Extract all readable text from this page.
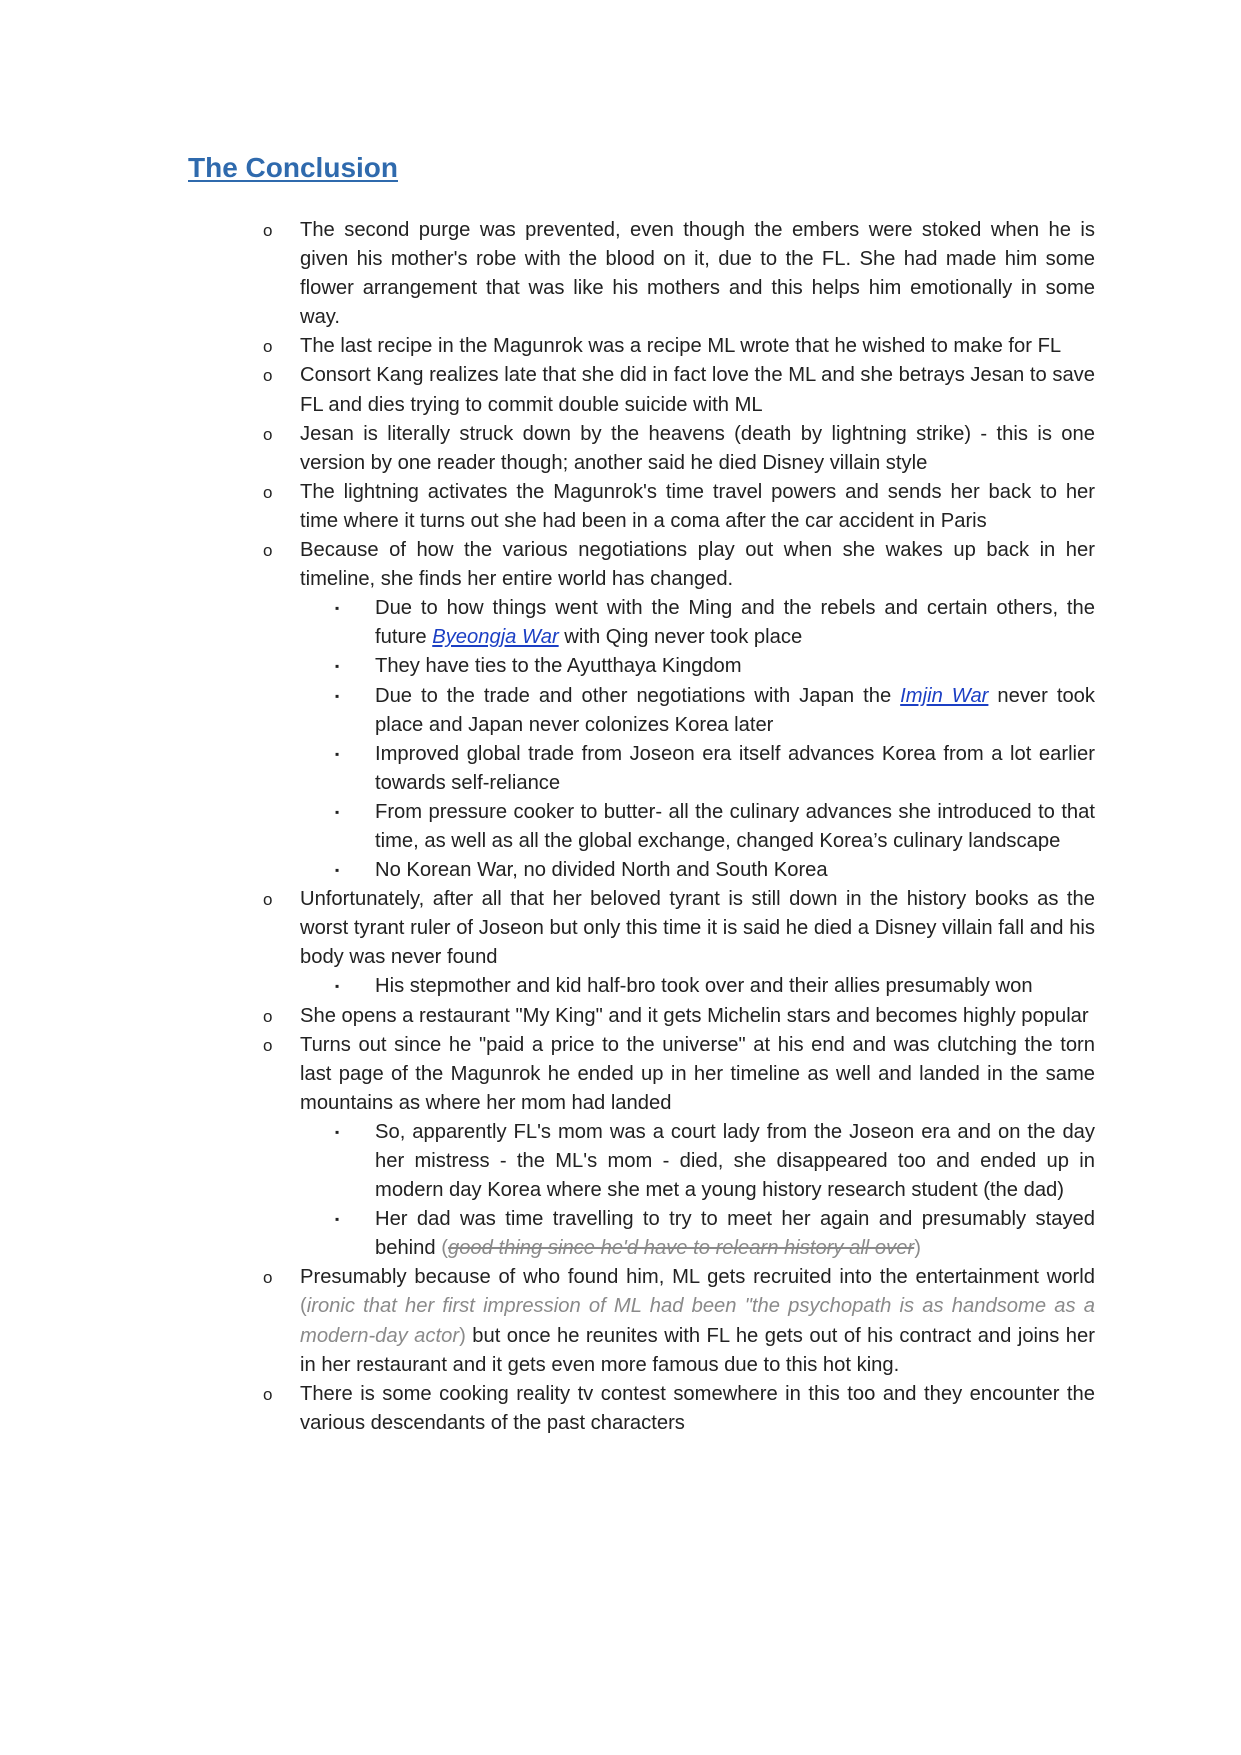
The Conclusion
o The second purge was prevented, even though the embers were stoked when he is given his mother's robe with the blood on it, due to the FL. She had made him some flower arrangement that was like his mothers and this helps him emotionally in some way.
o The last recipe in the Magunrok was a recipe ML wrote that he wished to make for FL
o Consort Kang realizes late that she did in fact love the ML and she betrays Jesan to save FL and dies trying to commit double suicide with ML
o Jesan is literally struck down by the heavens (death by lightning strike) - this is one version by one reader though; another said he died Disney villain style
o The lightning activates the Magunrok's time travel powers and sends her back to her time where it turns out she had been in a coma after the car accident in Paris
o Because of how the various negotiations play out when she wakes up back in her timeline, she finds her entire world has changed.
▪ Due to how things went with the Ming and the rebels and certain others, the future Byeongja War with Qing never took place
▪ They have ties to the Ayutthaya Kingdom
▪ Due to the trade and other negotiations with Japan the Imjin War never took place and Japan never colonizes Korea later
▪ Improved global trade from Joseon era itself advances Korea from a lot earlier towards self-reliance
▪ From pressure cooker to butter- all the culinary advances she introduced to that time, as well as all the global exchange, changed Korea’s culinary landscape
▪ No Korean War, no divided North and South Korea
o Unfortunately, after all that her beloved tyrant is still down in the history books as the worst tyrant ruler of Joseon but only this time it is said he died a Disney villain fall and his body was never found
▪ His stepmother and kid half-bro took over and their allies presumably won
o She opens a restaurant "My King" and it gets Michelin stars and becomes highly popular
o Turns out since he "paid a price to the universe" at his end and was clutching the torn last page of the Magunrok he ended up in her timeline as well and landed in the same mountains as where her mom had landed
▪ So, apparently FL's mom was a court lady from the Joseon era and on the day her mistress - the ML's mom - died, she disappeared too and ended up in modern day Korea where she met a young history research student (the dad)
▪ Her dad was time travelling to try to meet her again and presumably stayed behind (good thing since he'd have to relearn history all over)
o Presumably because of who found him, ML gets recruited into the entertainment world (ironic that her first impression of ML had been "the psychopath is as handsome as a modern-day actor) but once he reunites with FL he gets out of his contract and joins her in her restaurant and it gets even more famous due to this hot king.
o There is some cooking reality tv contest somewhere in this too and they encounter the various descendants of the past characters
